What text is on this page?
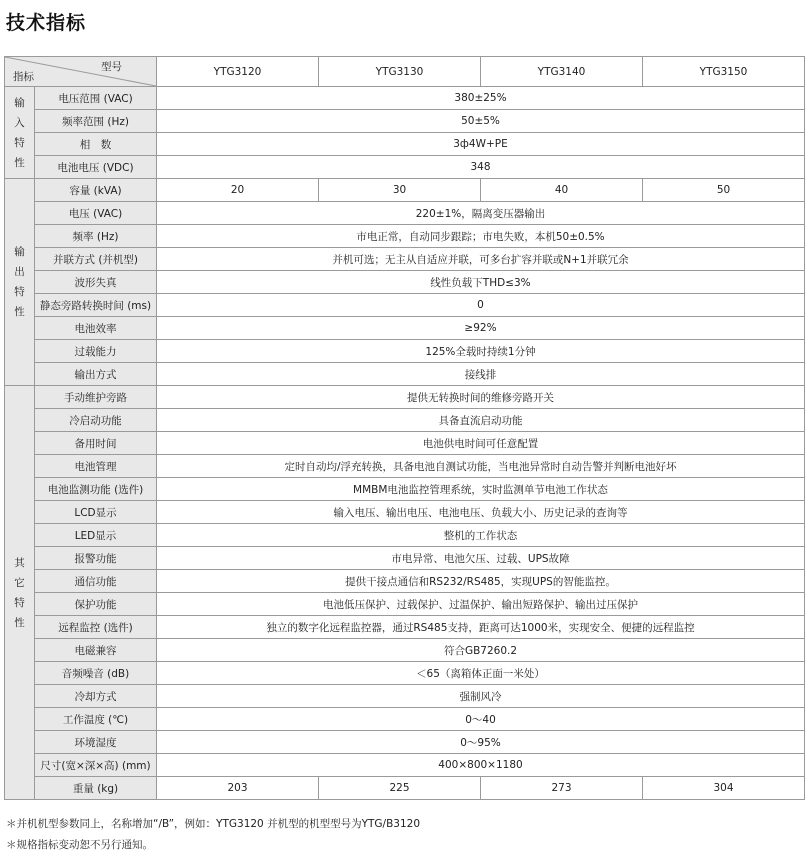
技术指标
型号
指标		YTG3120	YTG3130	YTG3140	YTG3150

输入特性	电压范围 (VAC)	380±25%			
	频率范围 (Hz)	50±5%			
	相　数	3ф4W+PE			
	电池电压 (VDC)	348			

输出特性	容量 (kVA)	20	30	40	50
	电压 (VAC)	220±1%，隔离变压器输出			
	频率 (Hz)	市电正常，自动同步跟踪；市电失败，本机50±0.5%			
	并联方式 (并机型)	并机可选；无主从自适应并联，可多台扩容并联或N+1并联冗余			
	波形失真	线性负载下THD≤3%			
	静态旁路转换时间 (ms)	0			
	电池效率	≥92%			
	过载能力	125%全载时持续1分钟			
	输出方式	接线排			

其它特性	手动维护旁路	提供无转换时间的维修旁路开关			
	冷启动功能	具备直流启动功能			
	备用时间	电池供电时间可任意配置			
	电池管理	定时自动均/浮充转换，具备电池自测试功能，当电池异常时自动告警并判断电池好坏			
	电池监测功能 (选件)	MMBM电池监控管理系统，实时监测单节电池工作状态			
	LCD显示	输入电压、输出电压、电池电压、负载大小、历史记录的查询等			
	LED显示	整机的工作状态			
	报警功能	市电异常、电池欠压、过载、UPS故障			
	通信功能	提供干接点通信和RS232/RS485，实现UPS的智能监控。			
	保护功能	电池低压保护、过载保护、过温保护、输出短路保护、输出过压保护			
	远程监控 (选件)	独立的数字化远程监控器，通过RS485支持，距离可达1000米，实现安全、便捷的远程监控			
	电磁兼容	符合GB7260.2			
	音频噪音 (dB)	＜65（离箱体正面一米处）			
	冷却方式	强制风冷			
	工作温度 (℃)	0～40			
	环境湿度	0～95%			
	尺寸(宽×深×高) (mm)	400×800×1180			
	重量 (kg)	203	225	273	304
＊并机机型参数同上，名称增加“/B”，例如：YTG3120 并机型的机型型号为YTG/B3120
＊规格指标变动恕不另行通知。
